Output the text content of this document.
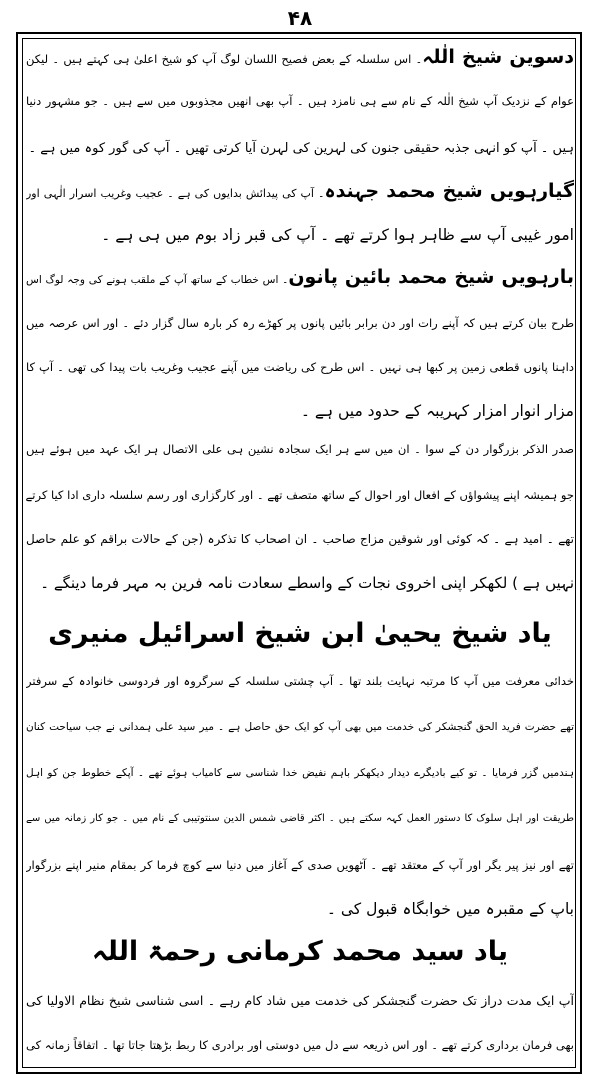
۴۸
دسوین شیخ الٰلہ۔ اس سلسلہ کے بعض فصیح اللسان لوگ آپ کو شیخ اعلیٰ ہی کہتے ہیں ۔ لیکن
عوام کے نزدیک آپ شیخ الٰلہ کے نام سے ہی نامزد ہیں ۔ آپ بھی انھیں مجذوبوں میں سے ہیں ۔ جو مشہور دنیا
ہیں ۔ آپ کو انہی جذبہ حقیقی جنون کی لہرین کی لہرن آیا کرتی تھیں ۔ آپ کی گور کوہ میں ہے ۔
گیارہویں شیخ محمد جہندہ۔ آپ کی پیدائش بدایوں کی ہے ۔ عجیب وغریب اسرار الٰہی اور
امور غیبی آپ سے ظاہر ہوا کرتے تھے ۔ آپ کی قبر زاد بوم میں ہی ہے ۔
بارہویں شیخ محمد بائین پانون۔ اس خطاب کے ساتھ آپ کے ملقب ہونے کی وجہ لوگ اس
طرح بیان کرتے ہیں کہ آپنے رات اور دن برابر بائیں پانوں پر کھڑے رہ کر بارہ سال گزار دئے ۔ اور اس عرصہ میں
داہنا پانوں قطعی زمین پر کبھا ہی نہیں ۔ اس طرح کی ریاضت میں آپنے عجیب وغریب بات پیدا کی تھی ۔ آپ کا
مزار انوار امزار کہریبہ کے حدود میں ہے ۔
صدر الذکر بزرگوار دن کے سوا ۔ ان میں سے ہر ایک سجادہ نشین ہی علی الاتصال ہر ایک عہد میں ہوئے ہیں
جو ہمیشہ اپنے پیشواؤں کے افعال اور احوال کے ساتھ متصف تھے ۔ اور کارگزاری اور رسم سلسلہ داری ادا کیا کرتے
تھے ۔ امید ہے ۔ کہ کوئی اور شوقین مزاج صاحب ۔ ان اصحاب کا تذکرہ (جن کے حالات براقم کو علم حاصل
نہیں ہے ) لکھکر اپنی اخروی نجات کے واسطے سعادت نامہ فرین بہ مہر فرما دینگے ۔
یاد شیخ یحییٰ ابن شیخ اسرائیل منیری
خدائی معرفت میں آپ کا مرتبہ نہایت بلند تھا ۔ آپ چشتی سلسلہ کے سرگروہ اور فردوسی خانوادہ کے سرفتر
تھے حضرت فرید الحق گنجشکر کی خدمت میں بھی آپ کو ایک حق حاصل ہے ۔ میر سید علی ہمدانی نے جب سیاحت کنان
ہندمیں گزر فرمایا ۔ تو کیے بادیگرے دیدار دیکھکر باہم نفیض خدا شناسی سے کامیاب ہوئے تھے ۔ آپکے خطوط جن کو اہل
طریقت اور اہل سلوک کا دستور العمل کہہ سکتے ہیں ۔ اکثر قاضی شمس الدین سنتوتیبی کے نام میں ۔ جو کار زمانہ میں سے
تھے اور نیز پیر یگر اور آپ کے معتقد تھے ۔ آٹھویں صدی کے آغاز میں دنیا سے کوچ فرما کر بمقام منیر اپنے بزرگوار
باپ کے مقبرہ میں خوابگاہ قبول کی ۔
یاد سید محمد کرمانی رحمۃ اللہ
آپ ایک مدت دراز تک حضرت گنجشکر کی خدمت میں شاد کام رہے ۔ اسی شناسی شیخ نظام الاولیا کی
بھی فرمان برداری کرتے تھے ۔ اور اس ذریعہ سے دل میں دوستی اور برادری کا ربط بڑھتا جاتا تھا ۔ اتفاقاً زمانہ کی
